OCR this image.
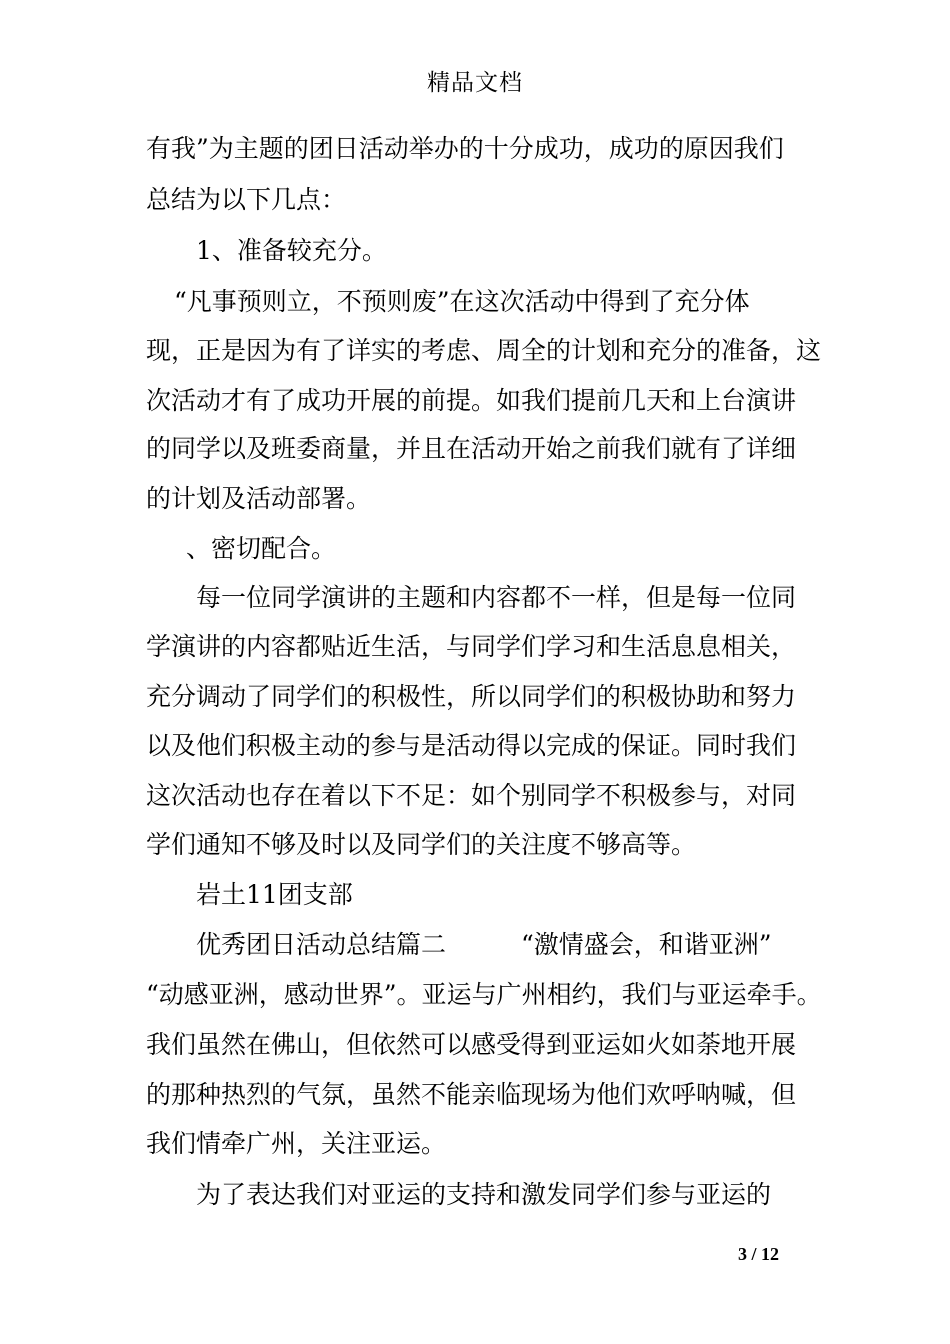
精品文档
有我”为主题的团日活动举办的十分成功，成功的原因我们
总结为以下几点：
1、准备较充分。
“凡事预则立，不预则废”在这次活动中得到了充分体
现，正是因为有了详实的考虑、周全的计划和充分的准备，这
次活动才有了成功开展的前提。如我们提前几天和上台演讲
的同学以及班委商量，并且在活动开始之前我们就有了详细
的计划及活动部署。
、密切配合。
每一位同学演讲的主题和内容都不一样，但是每一位同
学演讲的内容都贴近生活，与同学们学习和生活息息相关，
充分调动了同学们的积极性，所以同学们的积极协助和努力
以及他们积极主动的参与是活动得以完成的保证。同时我们
这次活动也存在着以下不足：如个别同学不积极参与，对同
学们通知不够及时以及同学们的关注度不够高等。
岩土11团支部
优秀团日活动总结篇二　　　“激情盛会，和谐亚洲”
“动感亚洲，感动世界”。亚运与广州相约，我们与亚运牵手。
我们虽然在佛山，但依然可以感受得到亚运如火如荼地开展
的那种热烈的气氛，虽然不能亲临现场为他们欢呼呐喊，但
我们情牵广州，关注亚运。
为了表达我们对亚运的支持和激发同学们参与亚运的
3 / 12
